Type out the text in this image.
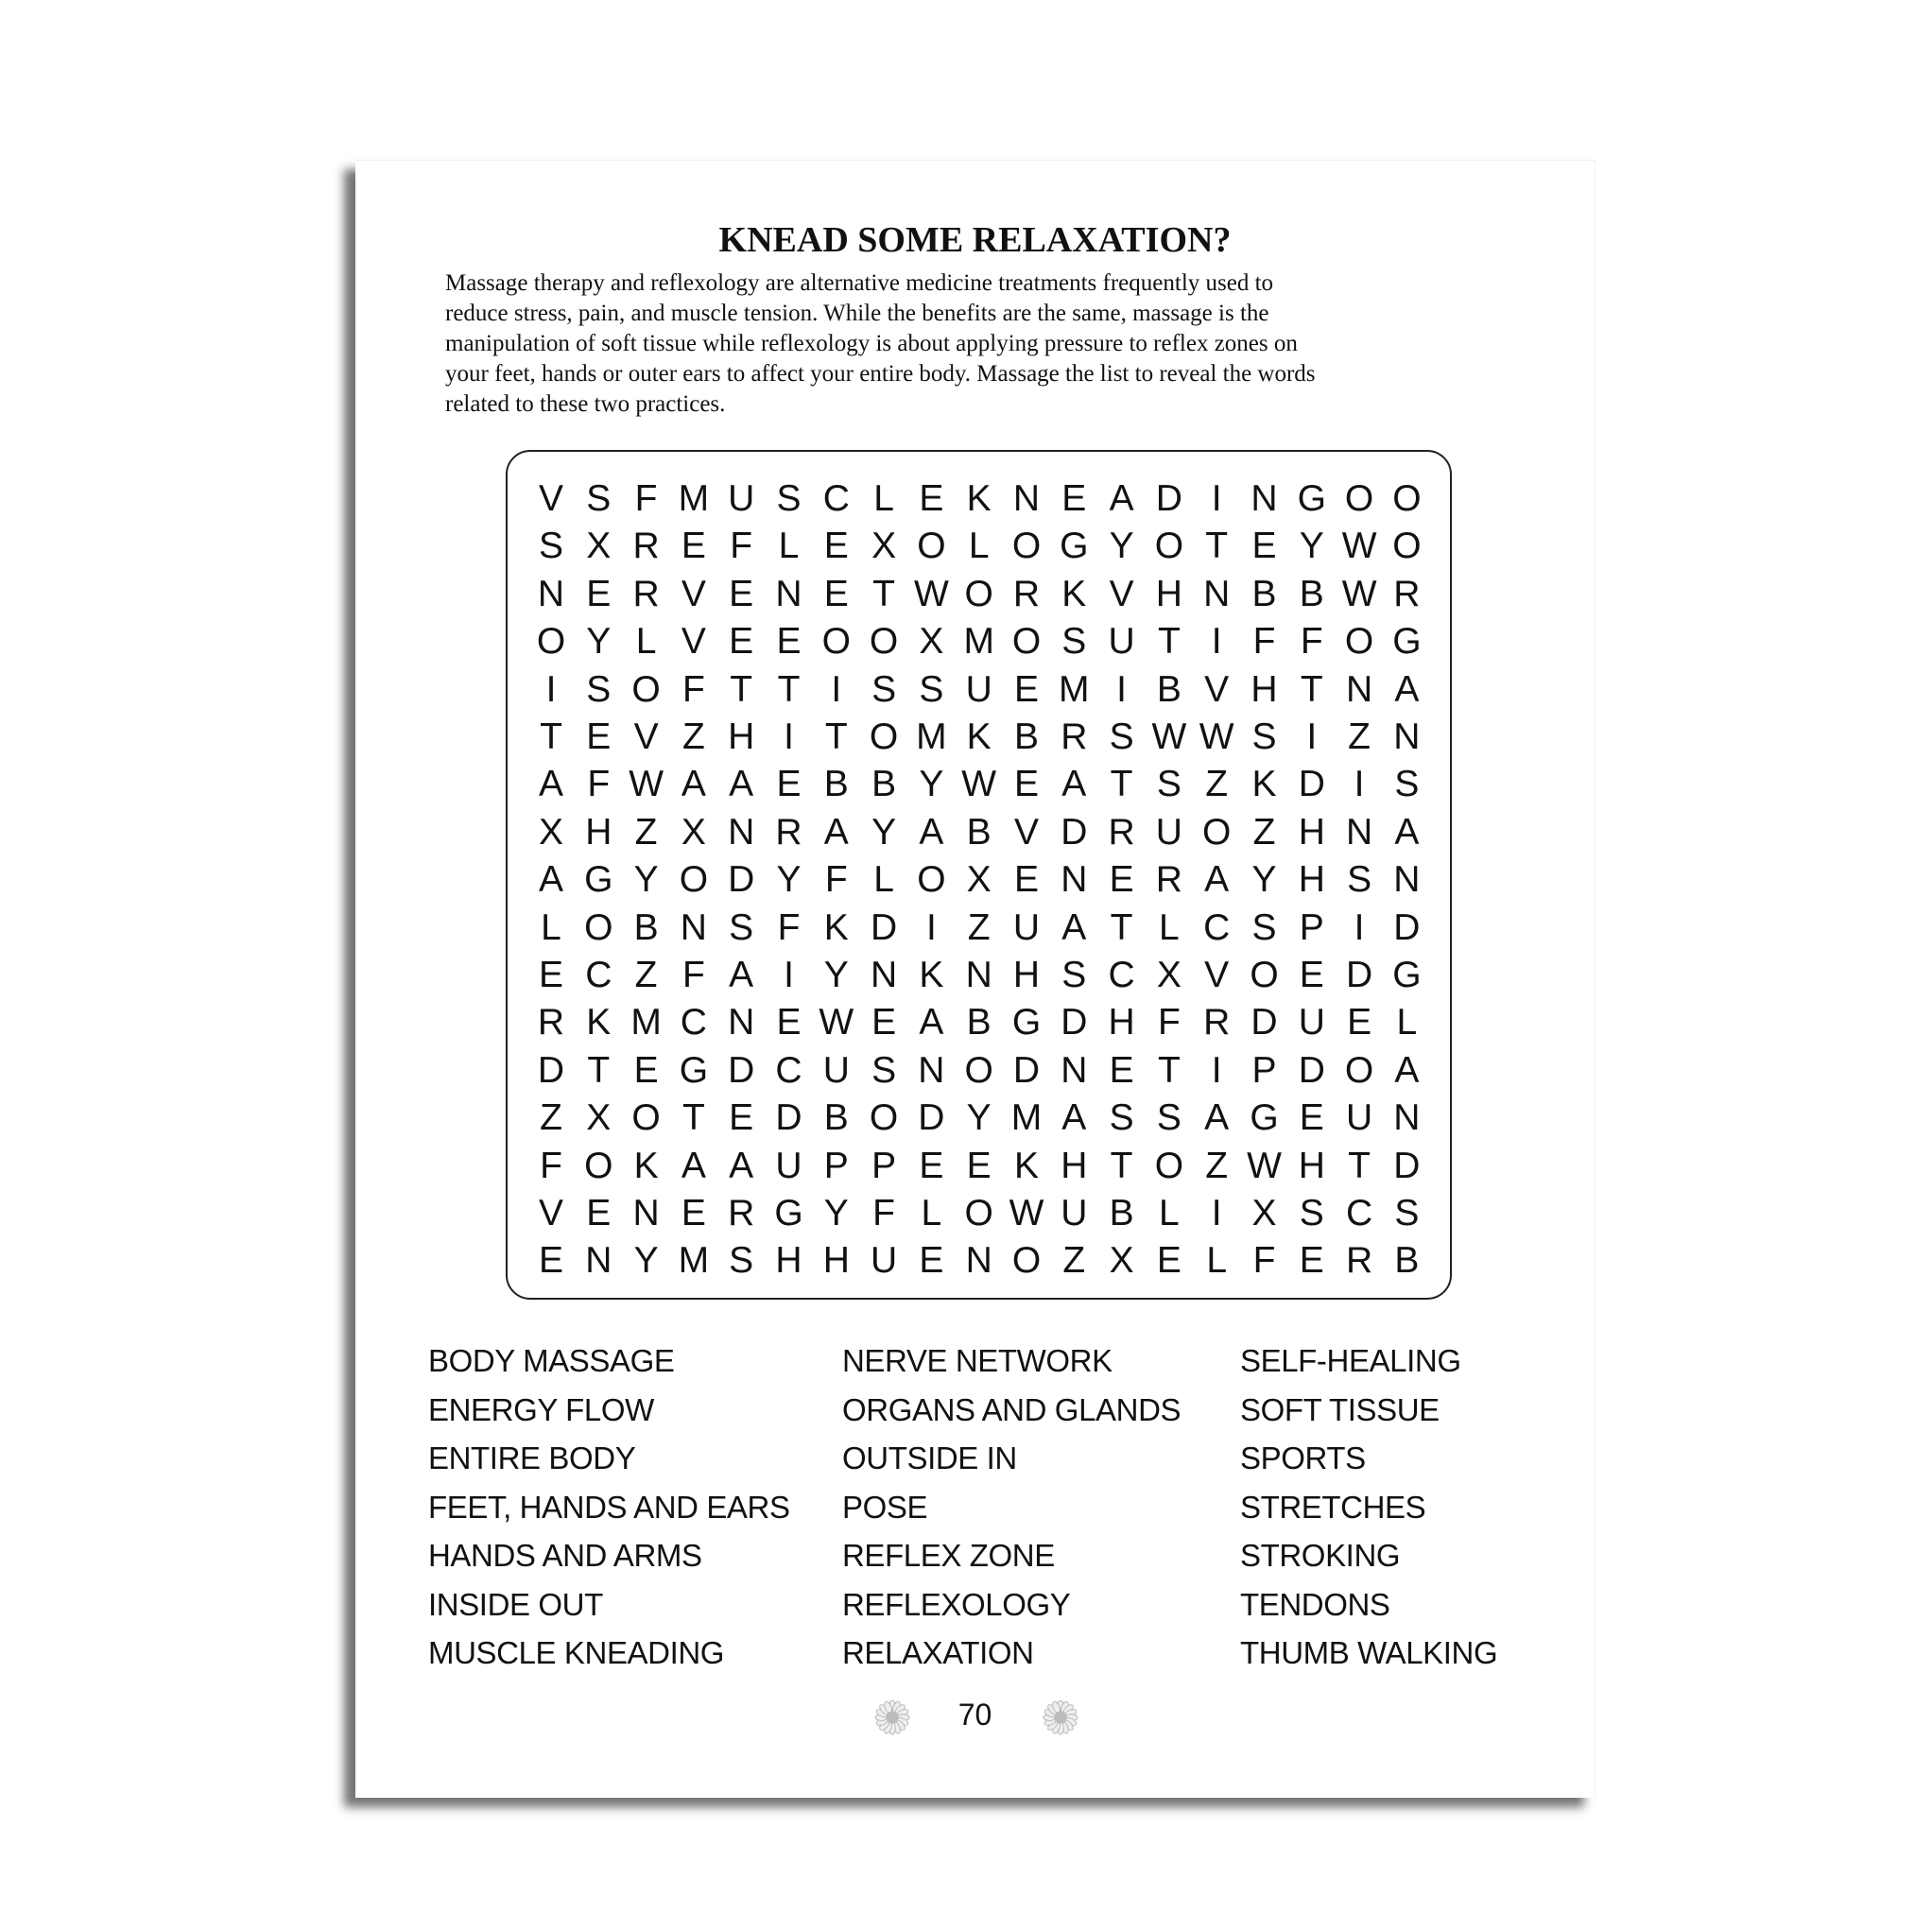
KNEAD SOME RELAXATION?
Massage therapy and reflexology are alternative medicine treatments frequently used to
reduce stress, pain, and muscle tension. While the benefits are the same, massage is the
manipulation of soft tissue while reflexology is about applying pressure to reflex zones on
your feet, hands or outer ears to affect your entire body. Massage the list to reveal the words
related to these two practices.
V S F M U S C L E K N E A D I N G O O
S X R E F L E X O L O G Y O T E Y W O
N E R V E N E T W O R K V H N B B W R
O Y L V E E O O X M O S U T I F F O G
I S O F T T I S S U E M I B V H T N A
T E V Z H I T O M K B R S W W S I Z N
A F W A A E B B Y W E A T S Z K D I S
X H Z X N R A Y A B V D R U O Z H N A
A G Y O D Y F L O X E N E R A Y H S N
L O B N S F K D I Z U A T L C S P I D
E C Z F A I Y N K N H S C X V O E D G
R K M C N E W E A B G D H F R D U E L
D T E G D C U S N O D N E T I P D O A
Z X O T E D B O D Y M A S S A G E U N
F O K A A U P P E E K H T O Z W H T D
V E N E R G Y F L O W U B L I X S C S
E N Y M S H H U E N O Z X E L F E R B
BODY MASSAGE
ENERGY FLOW
ENTIRE BODY
FEET, HANDS AND EARS
HANDS AND ARMS
INSIDE OUT
MUSCLE KNEADING
NERVE NETWORK
ORGANS AND GLANDS
OUTSIDE IN
POSE
REFLEX ZONE
REFLEXOLOGY
RELAXATION
SELF-HEALING
SOFT TISSUE
SPORTS
STRETCHES
STROKING
TENDONS
THUMB WALKING
70
